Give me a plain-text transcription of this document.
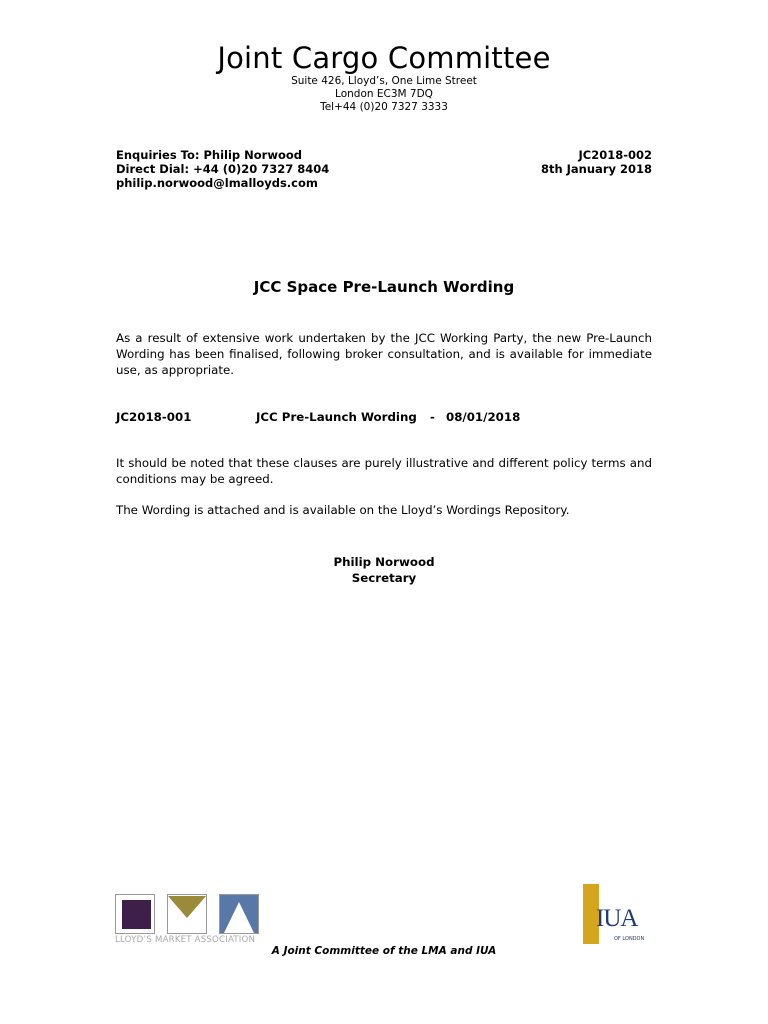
Joint Cargo Committee
Suite 426, Lloyd’s, One Lime Street
London EC3M 7DQ
Tel+44 (0)20 7327 3333
Enquiries To: Philip Norwood
Direct Dial: +44 (0)20 7327 8404
philip.norwood@lmalloyds.com
JC2018-002
8th January 2018
JCC Space Pre-Launch Wording
As a result of extensive work undertaken by the JCC Working Party, the new Pre-Launch Wording has been finalised, following broker consultation, and is available for immediate use, as appropriate.
JC2018-001	JCC Pre-Launch Wording - 08/01/2018
It should be noted that these clauses are purely illustrative and different policy terms and conditions may be agreed.
The Wording is attached and is available on the Lloyd’s Wordings Repository.
Philip Norwood
Secretary
LLOYD’S MARKET ASSOCIATION
IUA
OF LONDON
A Joint Committee of the LMA and IUA
